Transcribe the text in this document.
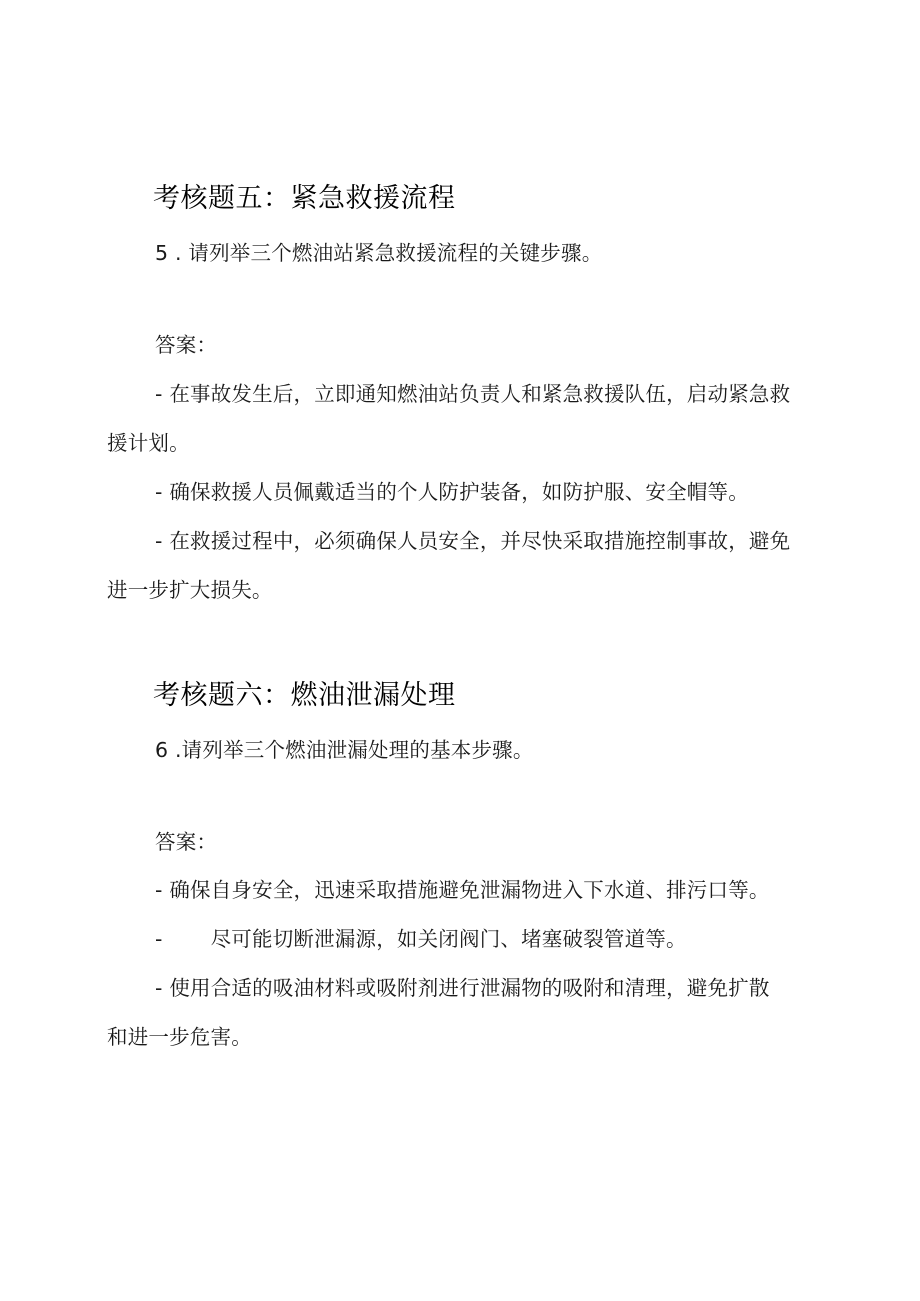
考核题五：紧急救援流程
5 . 请列举三个燃油站紧急救援流程的关键步骤。
答案：
- 在事故发生后，立即通知燃油站负责人和紧急救援队伍，启动紧急救
援计划。
- 确保救援人员佩戴适当的个人防护装备，如防护服、安全帽等。
- 在救援过程中，必须确保人员安全，并尽快采取措施控制事故，避免
进一步扩大损失。
考核题六：燃油泄漏处理
6 .请列举三个燃油泄漏处理的基本步骤。
答案：
- 确保自身安全，迅速采取措施避免泄漏物进入下水道、排污口等。
- 尽可能切断泄漏源，如关闭阀门、堵塞破裂管道等。
- 使用合适的吸油材料或吸附剂进行泄漏物的吸附和清理，避免扩散
和进一步危害。
